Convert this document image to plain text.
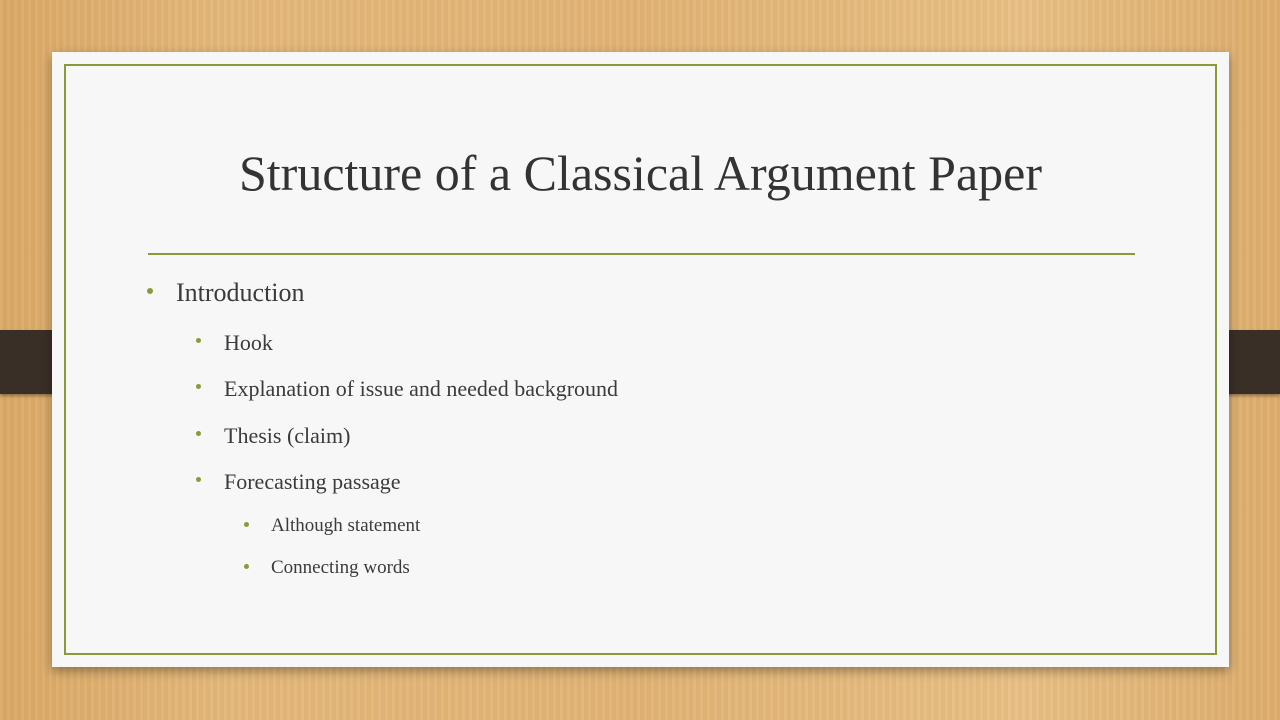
Structure of a Classical Argument Paper
Introduction
Hook
Explanation of issue and needed background
Thesis (claim)
Forecasting passage
Although statement
Connecting words
